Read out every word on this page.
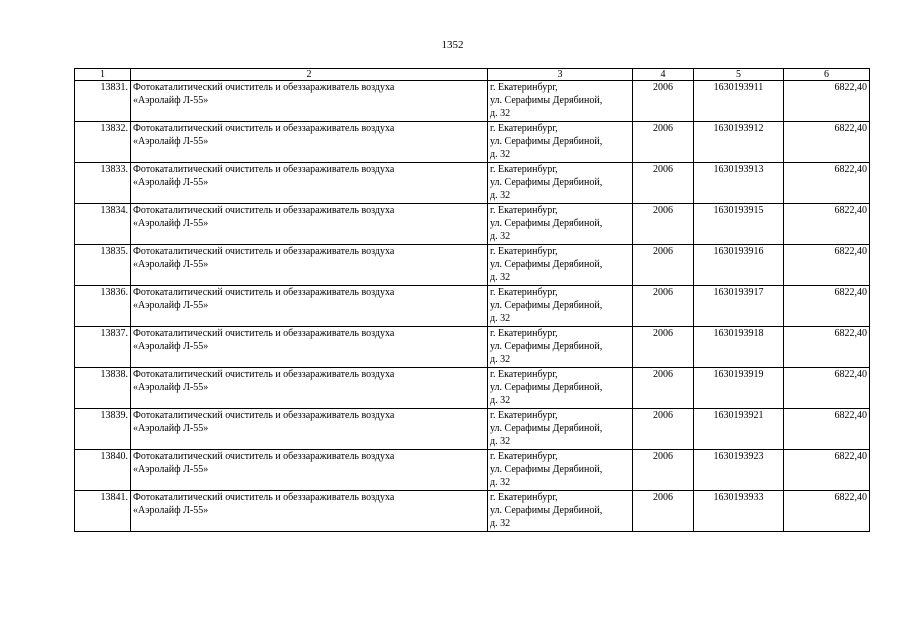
1352
1	2	3	4	5	6
13831.	Фотокаталитический очиститель и обеззараживатель воздуха
«Аэролайф Л-55»	г. Екатеринбург,
ул. Серафимы Дерябиной,
д. 32	2006	1630193911	6822,40
13832.	Фотокаталитический очиститель и обеззараживатель воздуха
«Аэролайф Л-55»	г. Екатеринбург,
ул. Серафимы Дерябиной,
д. 32	2006	1630193912	6822,40
13833.	Фотокаталитический очиститель и обеззараживатель воздуха
«Аэролайф Л-55»	г. Екатеринбург,
ул. Серафимы Дерябиной,
д. 32	2006	1630193913	6822,40
13834.	Фотокаталитический очиститель и обеззараживатель воздуха
«Аэролайф Л-55»	г. Екатеринбург,
ул. Серафимы Дерябиной,
д. 32	2006	1630193915	6822,40
13835.	Фотокаталитический очиститель и обеззараживатель воздуха
«Аэролайф Л-55»	г. Екатеринбург,
ул. Серафимы Дерябиной,
д. 32	2006	1630193916	6822,40
13836.	Фотокаталитический очиститель и обеззараживатель воздуха
«Аэролайф Л-55»	г. Екатеринбург,
ул. Серафимы Дерябиной,
д. 32	2006	1630193917	6822,40
13837.	Фотокаталитический очиститель и обеззараживатель воздуха
«Аэролайф Л-55»	г. Екатеринбург,
ул. Серафимы Дерябиной,
д. 32	2006	1630193918	6822,40
13838.	Фотокаталитический очиститель и обеззараживатель воздуха
«Аэролайф Л-55»	г. Екатеринбург,
ул. Серафимы Дерябиной,
д. 32	2006	1630193919	6822,40
13839.	Фотокаталитический очиститель и обеззараживатель воздуха
«Аэролайф Л-55»	г. Екатеринбург,
ул. Серафимы Дерябиной,
д. 32	2006	1630193921	6822,40
13840.	Фотокаталитический очиститель и обеззараживатель воздуха
«Аэролайф Л-55»	г. Екатеринбург,
ул. Серафимы Дерябиной,
д. 32	2006	1630193923	6822,40
13841.	Фотокаталитический очиститель и обеззараживатель воздуха
«Аэролайф Л-55»	г. Екатеринбург,
ул. Серафимы Дерябиной,
д. 32	2006	1630193933	6822,40
